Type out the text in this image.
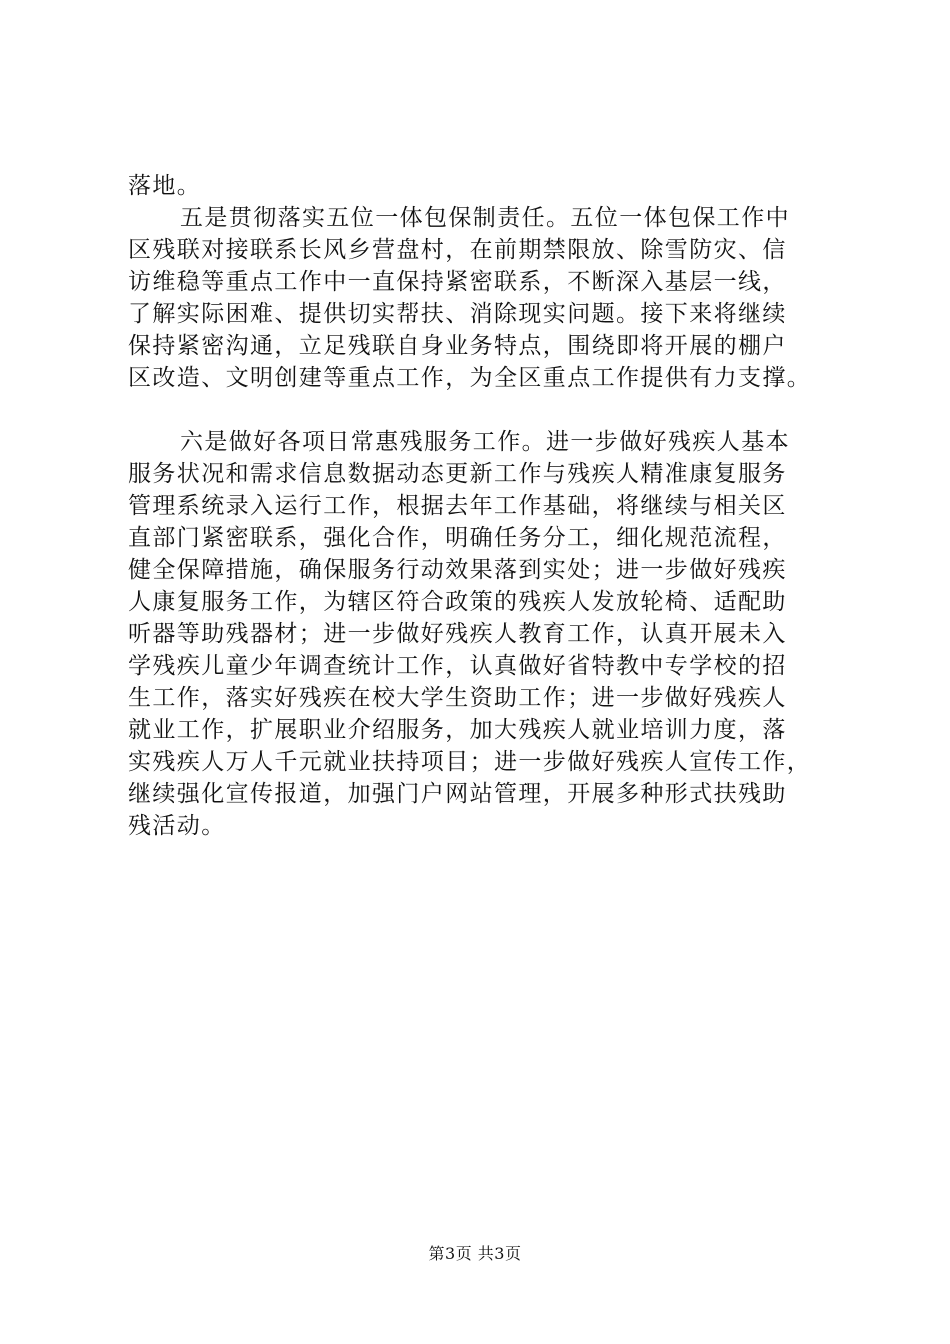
落地。
五是贯彻落实五位一体包保制责任。五位一体包保工作中
区残联对接联系长风乡营盘村，在前期禁限放、除雪防灾、信
访维稳等重点工作中一直保持紧密联系，不断深入基层一线，
了解实际困难、提供切实帮扶、消除现实问题。接下来将继续
保持紧密沟通，立足残联自身业务特点，围绕即将开展的棚户
区改造、文明创建等重点工作，为全区重点工作提供有力支撑。
六是做好各项日常惠残服务工作。进一步做好残疾人基本
服务状况和需求信息数据动态更新工作与残疾人精准康复服务
管理系统录入运行工作，根据去年工作基础，将继续与相关区
直部门紧密联系，强化合作，明确任务分工，细化规范流程，
健全保障措施，确保服务行动效果落到实处；进一步做好残疾
人康复服务工作，为辖区符合政策的残疾人发放轮椅、适配助
听器等助残器材；进一步做好残疾人教育工作，认真开展未入
学残疾儿童少年调查统计工作，认真做好省特教中专学校的招
生工作，落实好残疾在校大学生资助工作；进一步做好残疾人
就业工作，扩展职业介绍服务，加大残疾人就业培训力度，落
实残疾人万人千元就业扶持项目；进一步做好残疾人宣传工作，
继续强化宣传报道，加强门户网站管理，开展多种形式扶残助
残活动。
第3页 共3页
